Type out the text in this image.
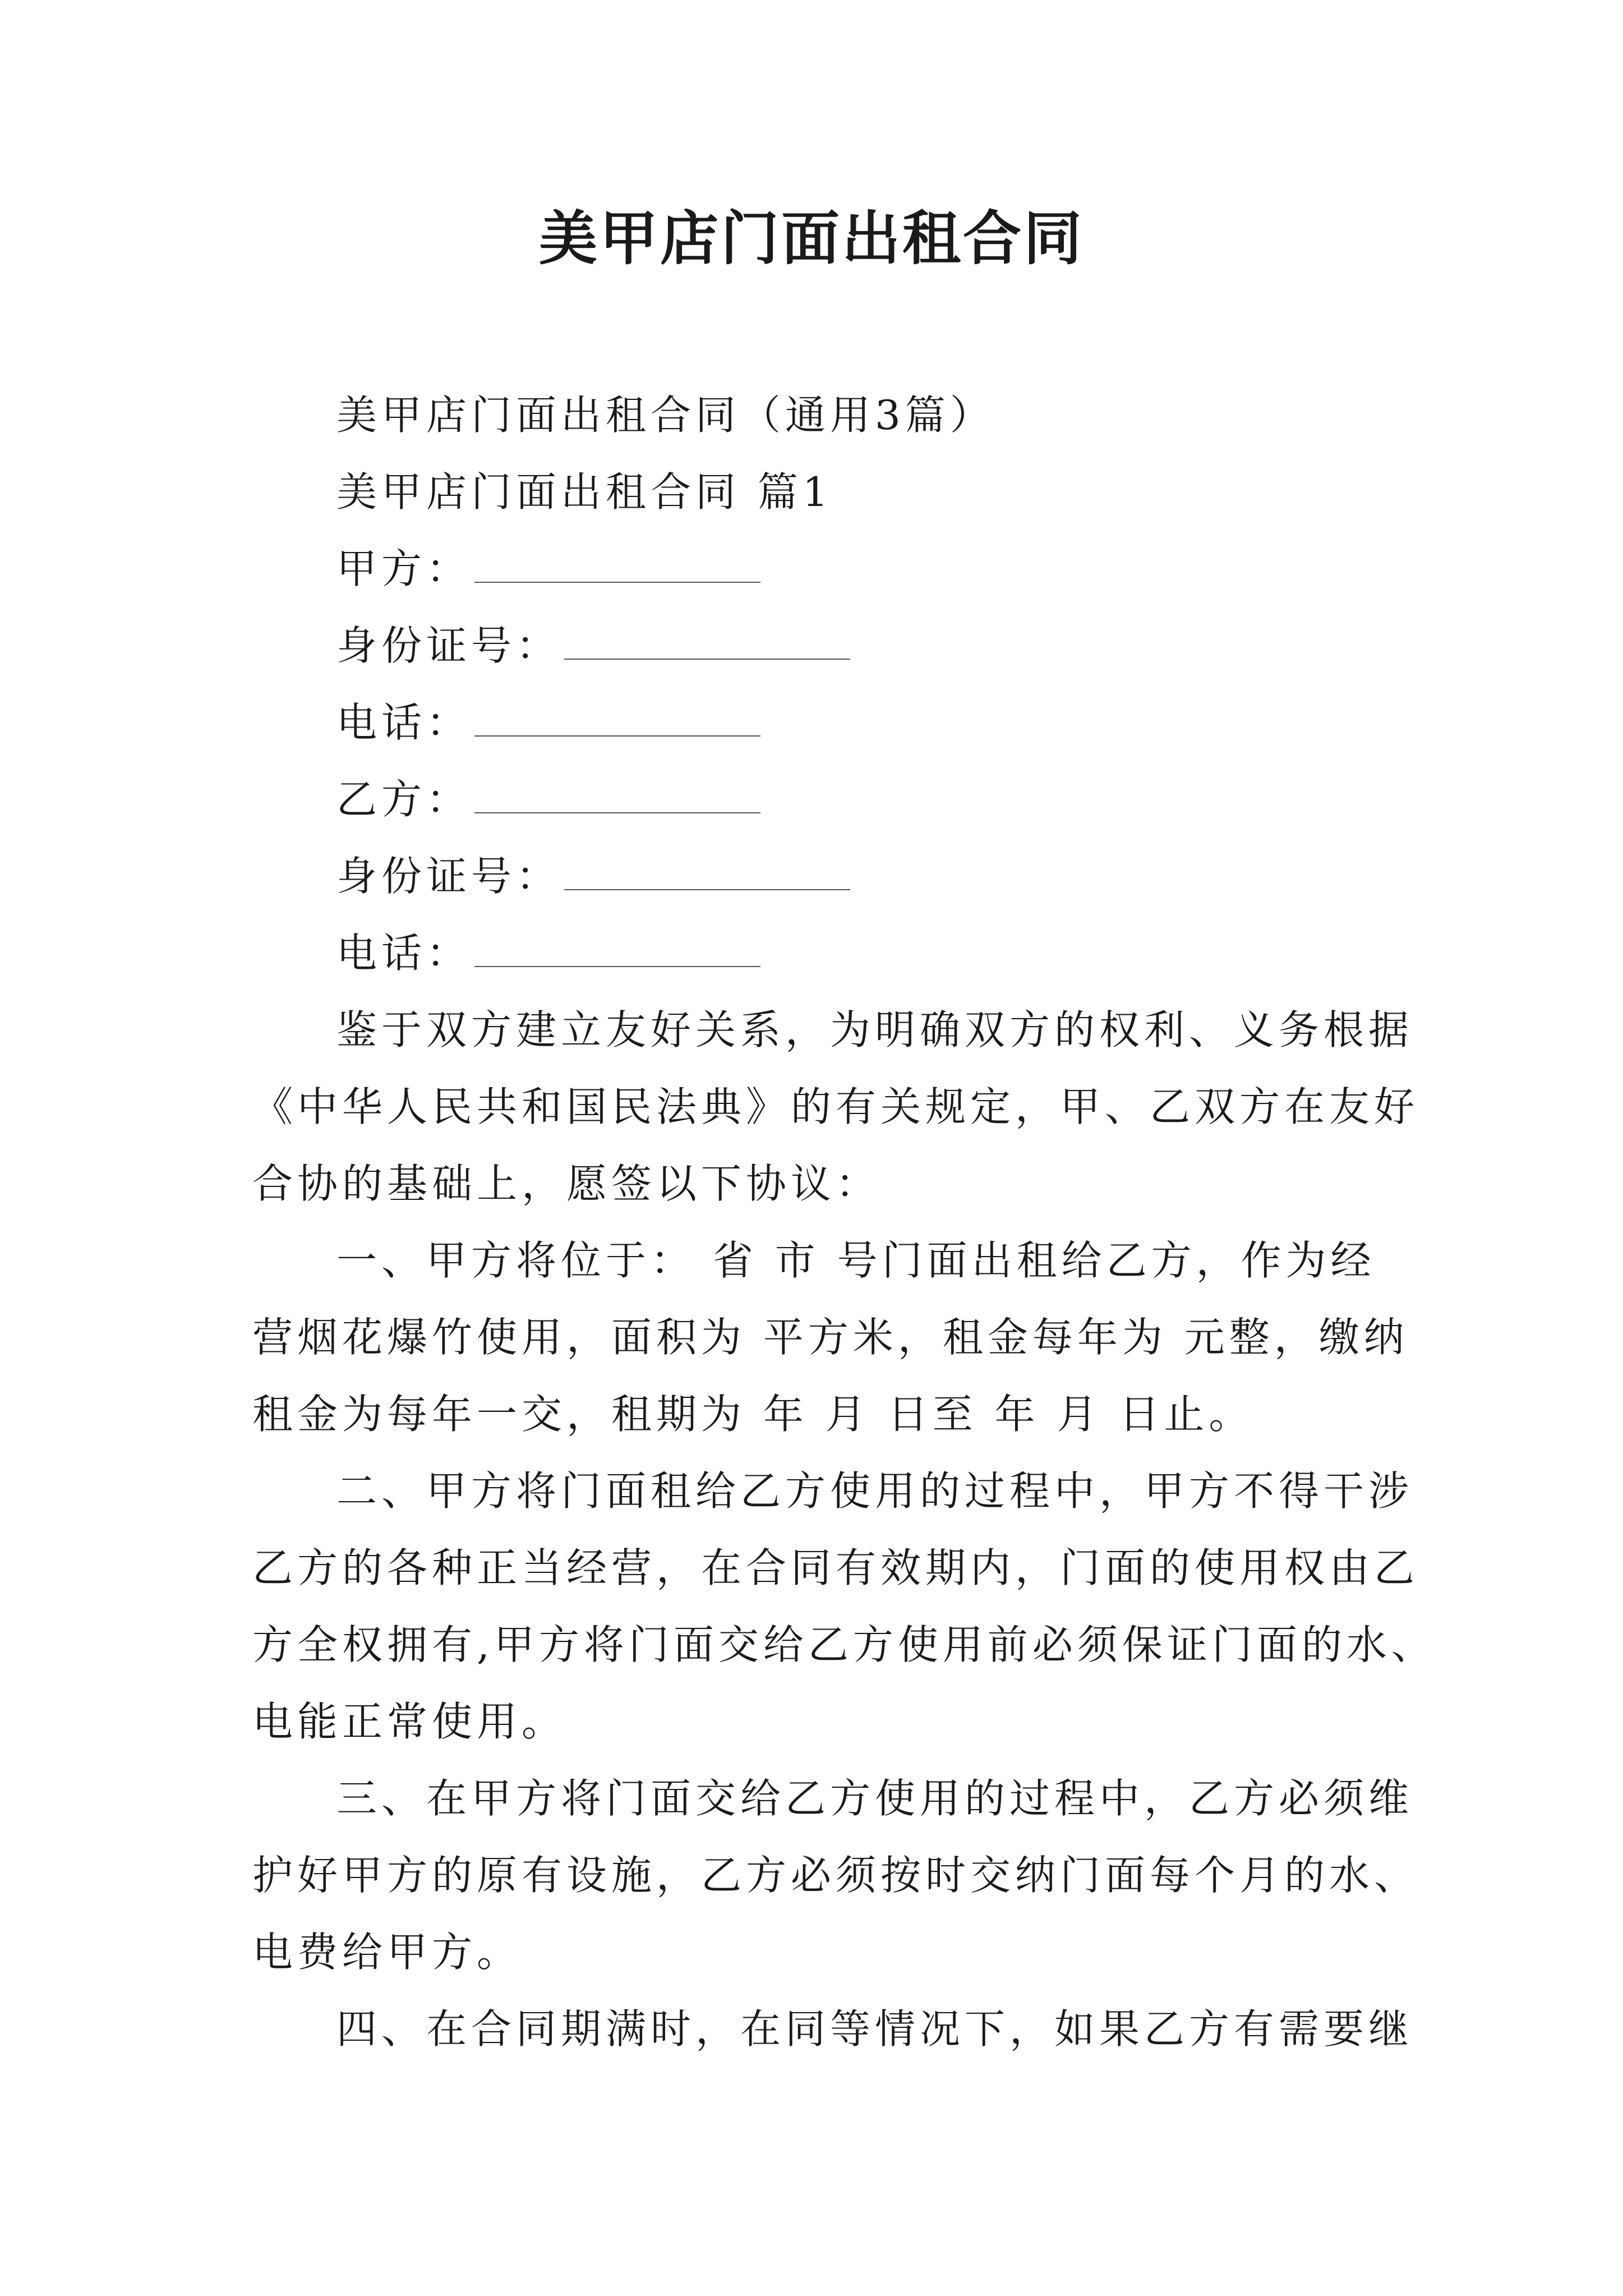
美甲店门面出租合同
美甲店门面出租合同（通用3篇）
美甲店门面出租合同 篇1
甲方：
身份证号：
电话：
乙方：
身份证号：
电话：
鉴于双方建立友好关系，为明确双方的权利、义务根据
《中华人民共和国民法典》的有关规定，甲、乙双方在友好
合协的基础上，愿签以下协议：
一、甲方将位于： 省 市 号门面出租给乙方，作为经
营烟花爆竹使用，面积为 平方米，租金每年为 元整，缴纳
租金为每年一交，租期为 年 月 日至 年 月 日止。
二、甲方将门面租给乙方使用的过程中，甲方不得干涉
乙方的各种正当经营，在合同有效期内，门面的使用权由乙
方全权拥有,甲方将门面交给乙方使用前必须保证门面的水、
电能正常使用。
三、在甲方将门面交给乙方使用的过程中，乙方必须维
护好甲方的原有设施，乙方必须按时交纳门面每个月的水、
电费给甲方。
四、在合同期满时，在同等情况下，如果乙方有需要继
